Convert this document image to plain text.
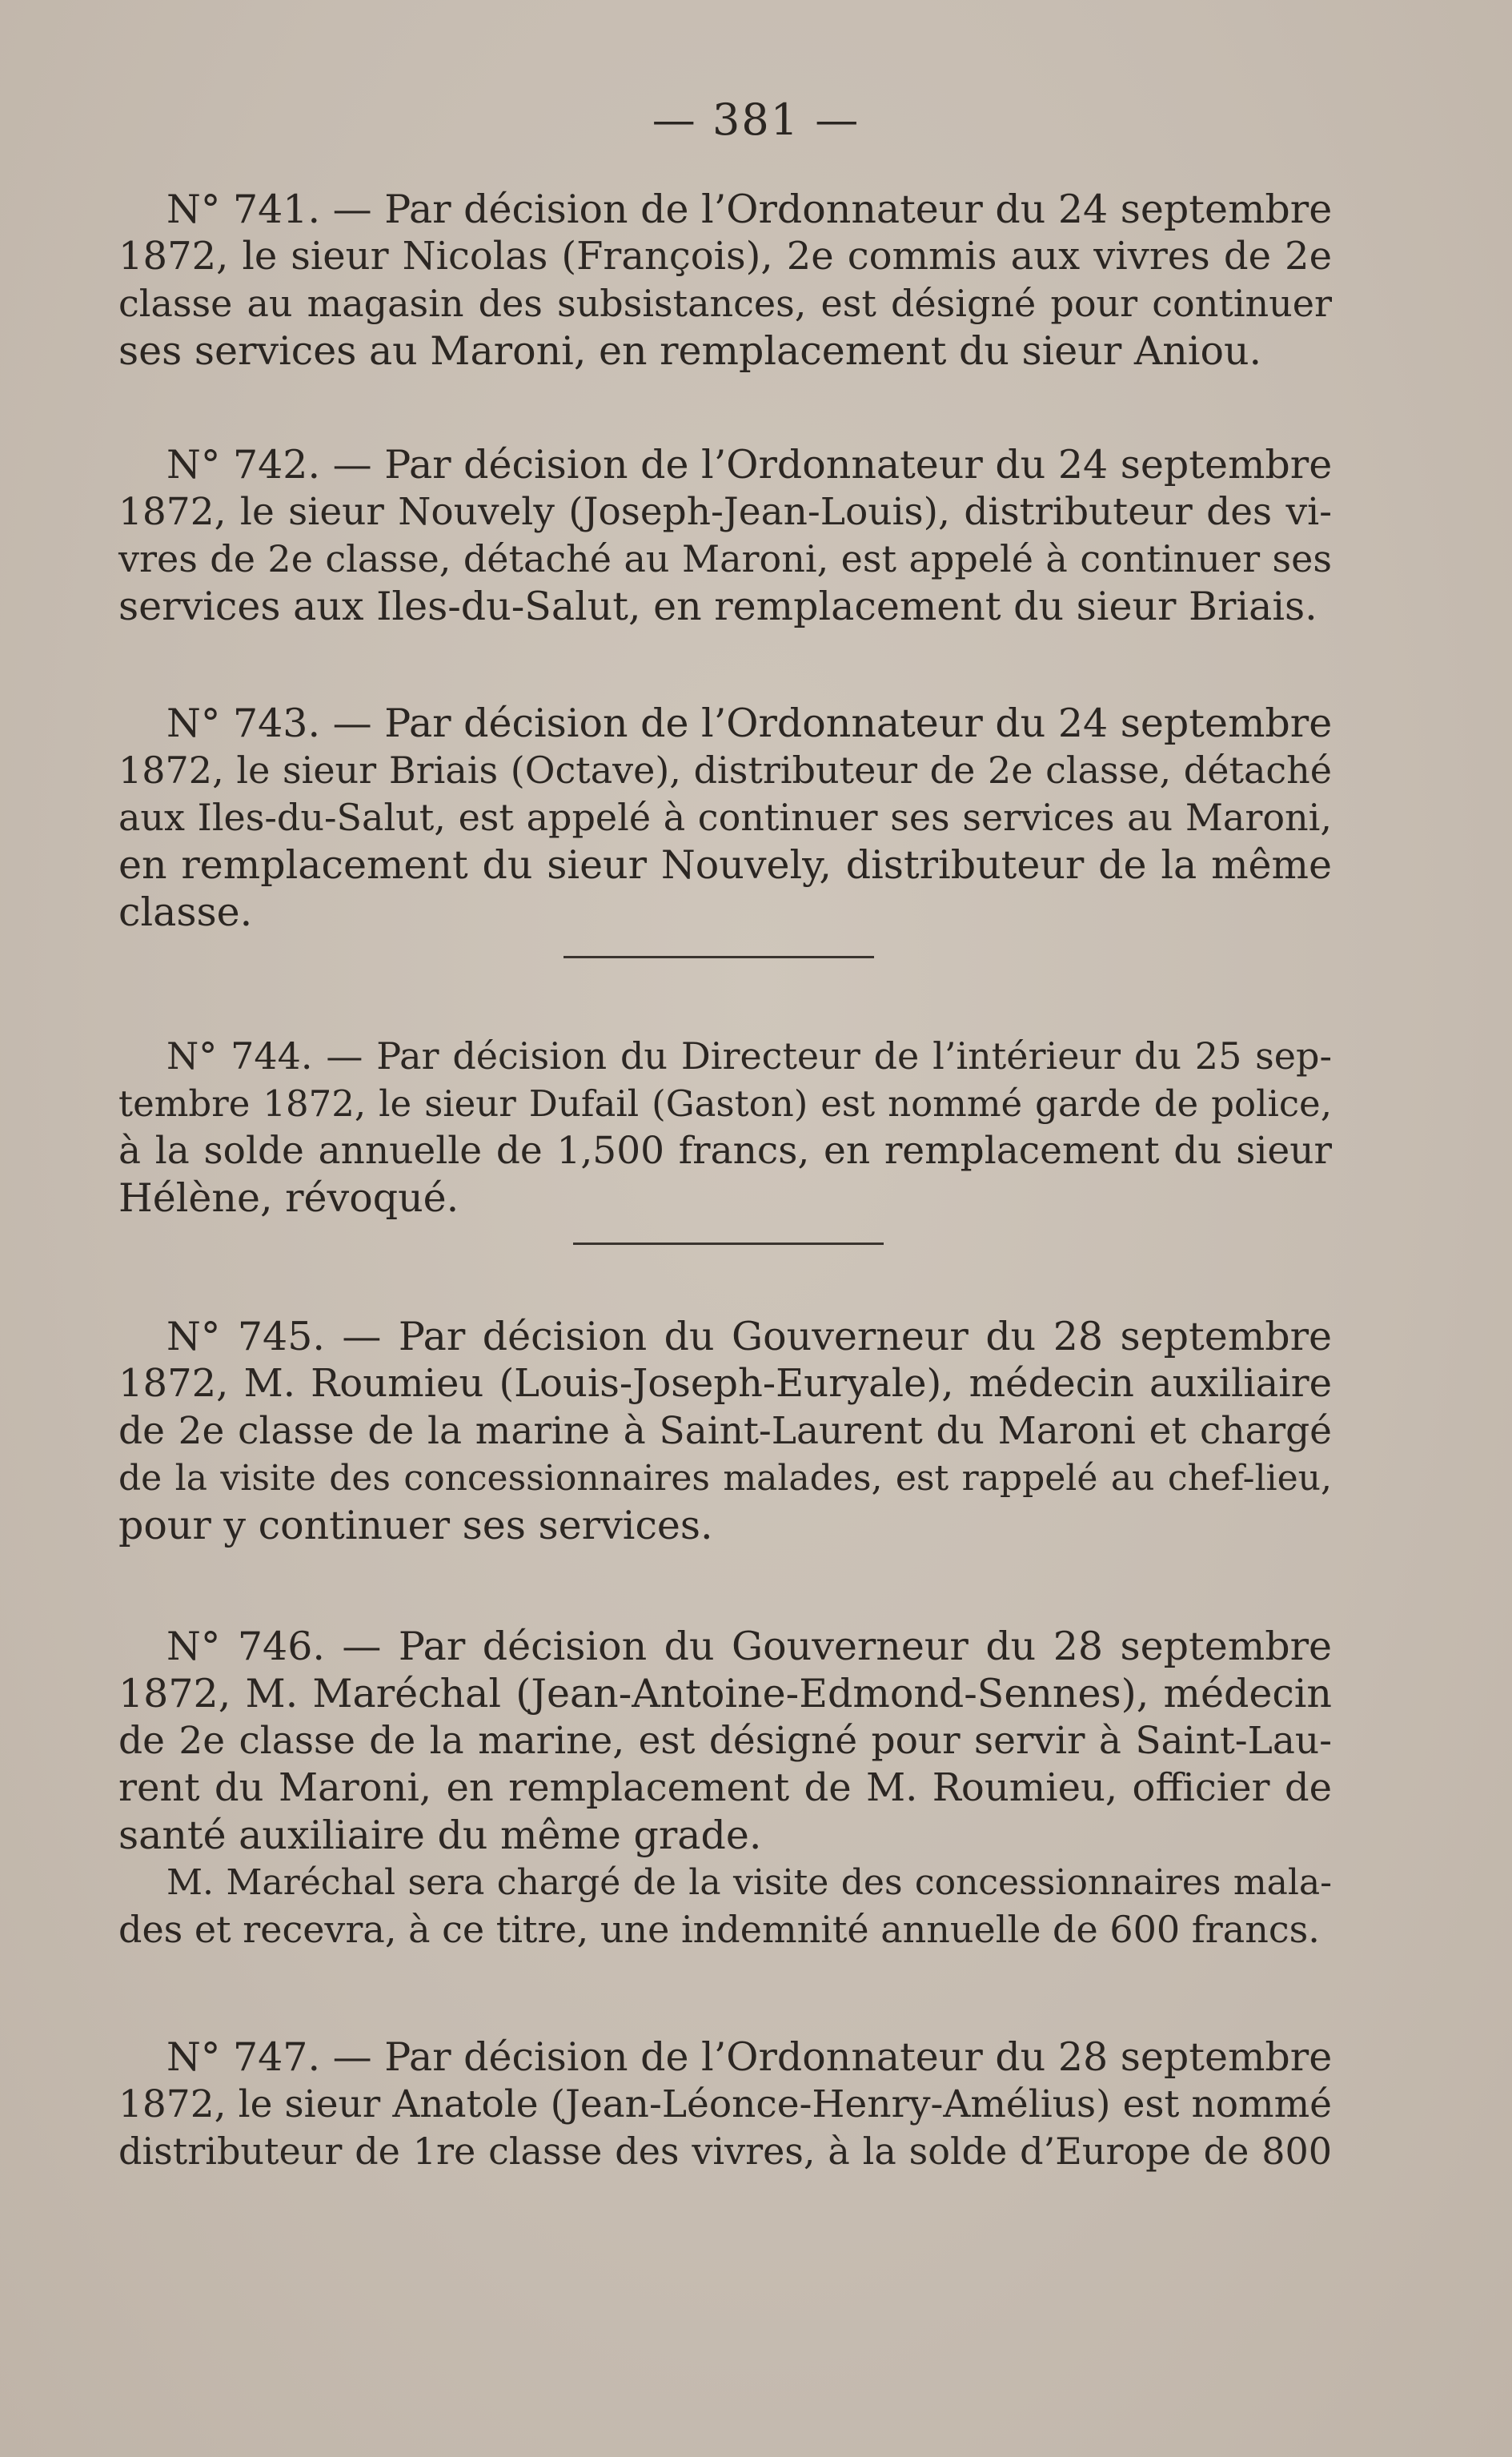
— 381 —
N° 741. — Par décision de l’Ordonnateur du 24 septembre
1872, le sieur Nicolas (François), 2e commis aux vivres de 2e
classe au magasin des subsistances, est désigné pour continuer
ses services au Maroni, en remplacement du sieur Aniou.
N° 742. — Par décision de l’Ordonnateur du 24 septembre
1872, le sieur Nouvely (Joseph-Jean-Louis), distributeur des vi-
vres de 2e classe, détaché au Maroni, est appelé à continuer ses
services aux Iles-du-Salut, en remplacement du sieur Briais.
N° 743. — Par décision de l’Ordonnateur du 24 septembre
1872, le sieur Briais (Octave), distributeur de 2e classe, détaché
aux Iles-du-Salut, est appelé à continuer ses services au Maroni,
en remplacement du sieur Nouvely, distributeur de la même
classe.
N° 744. — Par décision du Directeur de l’intérieur du 25 sep-
tembre 1872, le sieur Dufail (Gaston) est nommé garde de police,
à la solde annuelle de 1,500 francs, en remplacement du sieur
Hélène, révoqué.
N° 745. — Par décision du Gouverneur du 28 septembre
1872, M. Roumieu (Louis-Joseph-Euryale), médecin auxiliaire
de 2e classe de la marine à Saint-Laurent du Maroni et chargé
de la visite des concessionnaires malades, est rappelé au chef-lieu,
pour y continuer ses services.
N° 746. — Par décision du Gouverneur du 28 septembre
1872, M. Maréchal (Jean-Antoine-Edmond-Sennes), médecin
de 2e classe de la marine, est désigné pour servir à Saint-Lau-
rent du Maroni, en remplacement de M. Roumieu, officier de
santé auxiliaire du même grade.
M. Maréchal sera chargé de la visite des concessionnaires mala-
des et recevra, à ce titre, une indemnité annuelle de 600 francs.
N° 747. — Par décision de l’Ordonnateur du 28 septembre
1872, le sieur Anatole (Jean-Léonce-Henry-Amélius) est nommé
distributeur de 1re classe des vivres, à la solde d’Europe de 800
